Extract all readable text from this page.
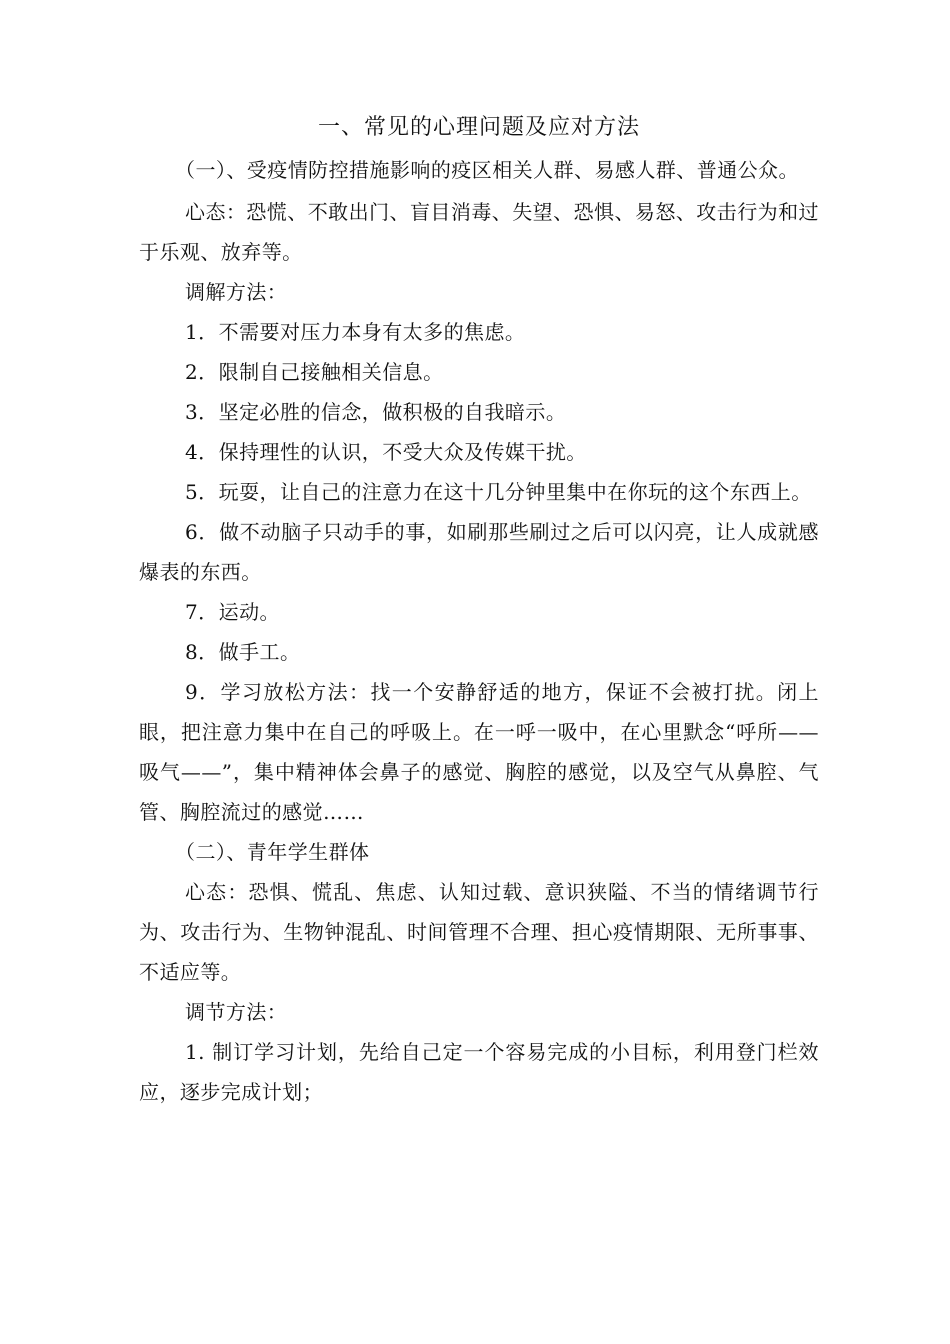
一、常见的心理问题及应对方法

（一）、受疫情防控措施影响的疫区相关人群、易感人群、普通公众。

心态：恐慌、不敢出门、盲目消毒、失望、恐惧、易怒、攻击行为和过于乐观、放弃等。

调解方法：

1．不需要对压力本身有太多的焦虑。

2．限制自己接触相关信息。

3．坚定必胜的信念，做积极的自我暗示。

4．保持理性的认识，不受大众及传媒干扰。

5．玩耍，让自己的注意力在这十几分钟里集中在你玩的这个东西上。

6．做不动脑子只动手的事，如刷那些刷过之后可以闪亮，让人成就感爆表的东西。

7．运动。

8．做手工。

9．学习放松方法：找一个安静舒适的地方，保证不会被打扰。闭上眼，把注意力集中在自己的呼吸上。在一呼一吸中，在心里默念“呼所——吸气——”，集中精神体会鼻子的感觉、胸腔的感觉，以及空气从鼻腔、气管、胸腔流过的感觉……

（二）、青年学生群体

心态：恐惧、慌乱、焦虑、认知过载、意识狭隘、不当的情绪调节行为、攻击行为、生物钟混乱、时间管理不合理、担心疫情期限、无所事事、不适应等。

调节方法：

1. 制订学习计划，先给自己定一个容易完成的小目标，利用登门栏效应，逐步完成计划；
